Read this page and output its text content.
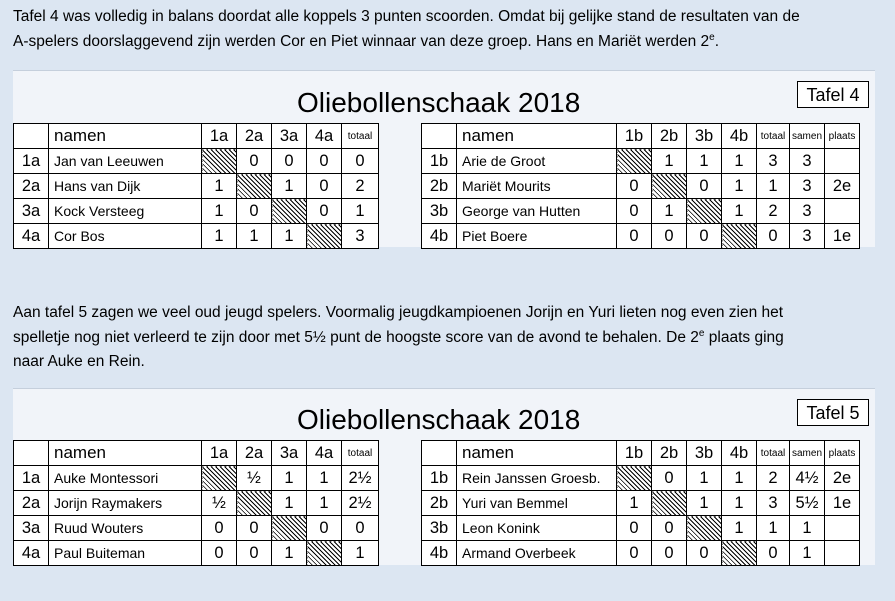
Tafel 4 was volledig in balans doordat alle koppels 3 punten scoorden. Omdat bij gelijke stand de resultaten van de
A-spelers doorslaggevend zijn werden Cor en Piet winnaar van deze groep. Hans en Mariët werden 2e.
Oliebollenschaak 2018	Tafel 4
	namen	1a	2a	3a	4a	totaal
1a	Jan van Leeuwen		0	0	0	0
2a	Hans van Dijk	1		1	0	2
3a	Kock Versteeg	1	0		0	1
4a	Cor Bos	1	1	1		3
	namen	1b	2b	3b	4b	totaal	samen	plaats
1b	Arie de Groot		1	1	1	3	3	
2b	Mariët Mourits	0		0	1	1	3	2e
3b	George van Hutten	0	1		1	2	3	
4b	Piet Boere	0	0	0		0	3	1e
Aan tafel 5 zagen we veel oud jeugd spelers. Voormalig jeugdkampioenen Jorijn en Yuri lieten nog even zien het
spelletje nog niet verleerd te zijn door met 5½ punt de hoogste score van de avond te behalen. De 2e plaats ging
naar Auke en Rein.
Oliebollenschaak 2018	Tafel 5
	namen	1a	2a	3a	4a	totaal
1a	Auke Montessori		½	1	1	2½
2a	Jorijn Raymakers	½		1	1	2½
3a	Ruud Wouters	0	0		0	0
4a	Paul Buiteman	0	0	1		1
	namen	1b	2b	3b	4b	totaal	samen	plaats
1b	Rein Janssen Groesb.		0	1	1	2	4½	2e
2b	Yuri van Bemmel	1		1	1	3	5½	1e
3b	Leon Konink	0	0		1	1	1	
4b	Armand Overbeek	0	0	0		0	1	
